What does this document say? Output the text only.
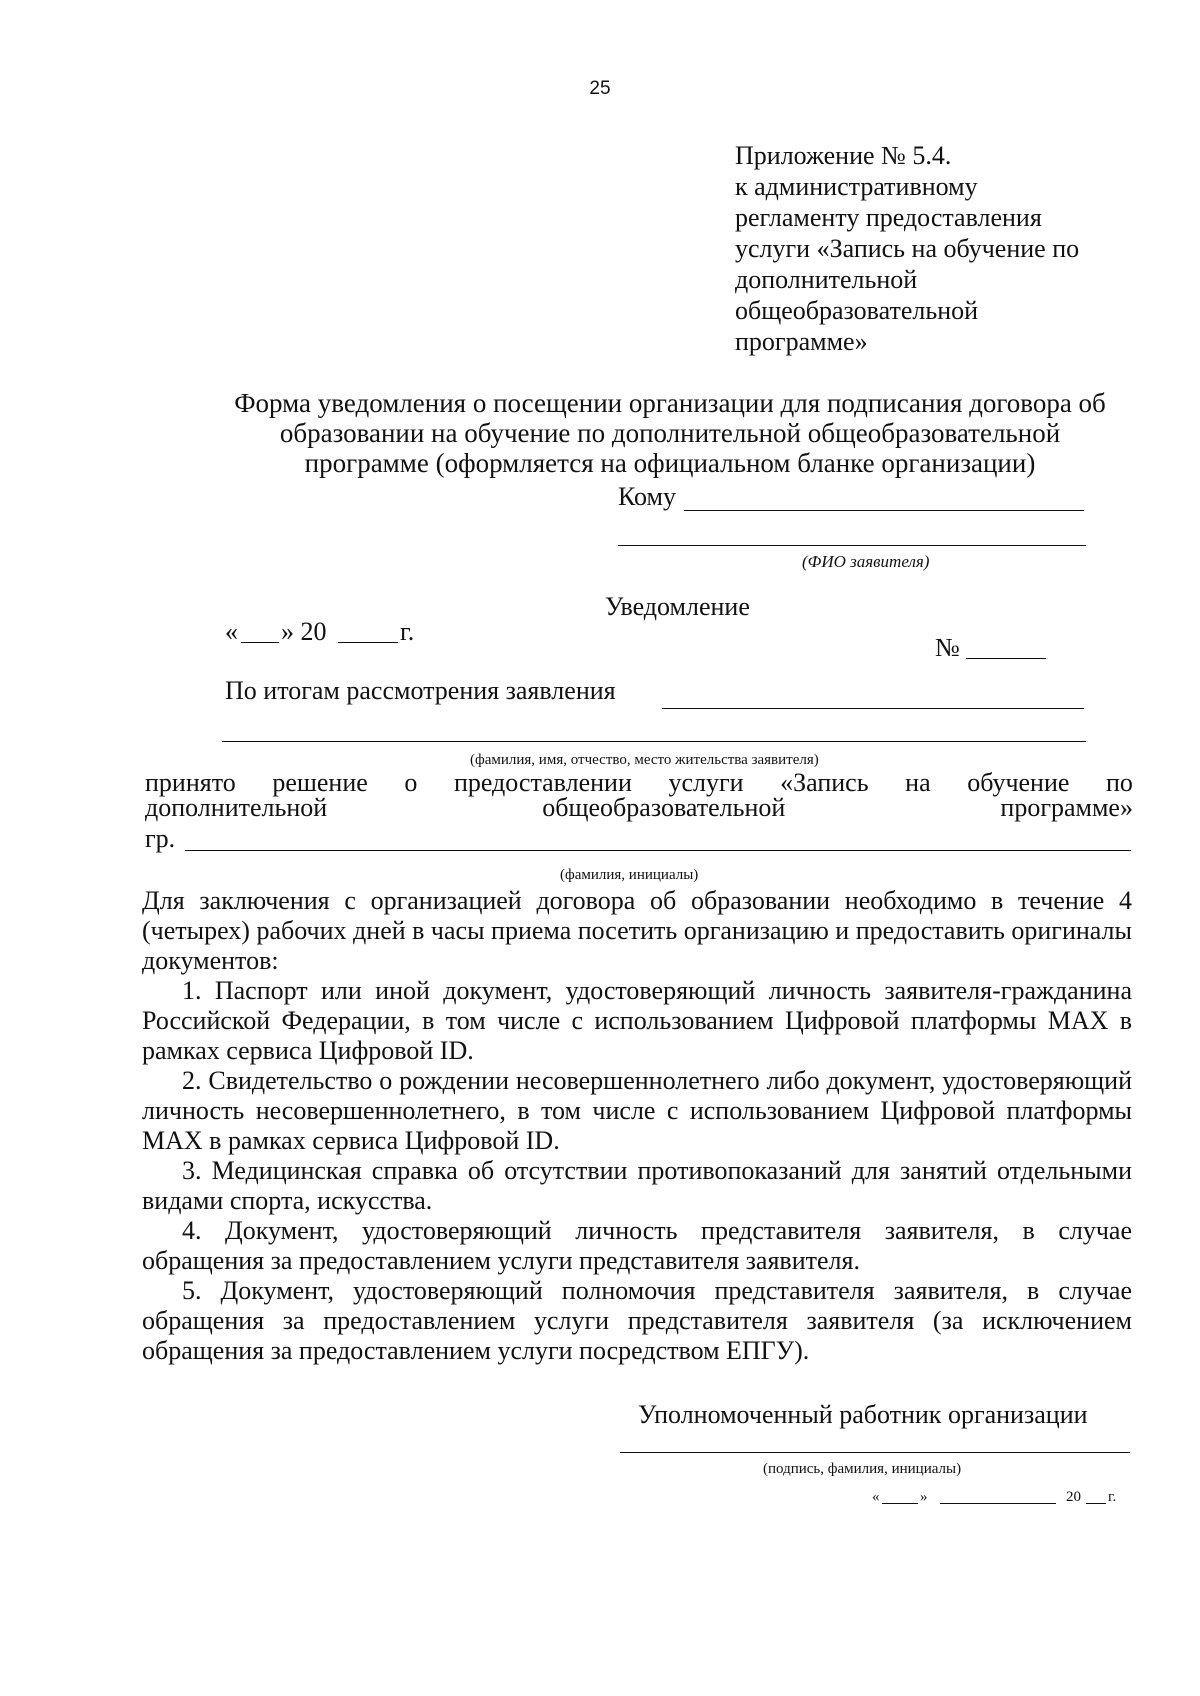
25

Приложение № 5.4.

к административному

регламенту предоставления

услуги «Запись на обучение по

дополнительной

общеобразовательной

программе»

Форма уведомления о посещении организации для подписания договора об

образовании на обучение по дополнительной общеобразовательной

программе (оформляется на официальном бланке организации)

Кому
(ФИО заявителя)
Уведомление
« » 20	г.
№
По итогам рассмотрения заявления
(фамилия, имя, отчество, место жительства заявителя)
принято решение о предоставлении услуги «Запись на обучение по
дополнительной	общеобразовательной	программе»
гр.
(фамилия, инициалы)

Для заключения с организацией договора об образовании необходимо в течение 4 (четырех) рабочих дней в часы приема посетить организацию и предоставить оригиналы документов:

1. Паспорт или иной документ, удостоверяющий личность заявителя-гражданина Российской Федерации, в том числе с использованием Цифровой платформы MAX в рамках сервиса Цифровой ID.

2. Свидетельство о рождении несовершеннолетнего либо документ, удостоверяющий личность несовершеннолетнего, в том числе с использованием Цифровой платформы MAX в рамках сервиса Цифровой ID.

3. Медицинская справка об отсутствии противопоказаний для занятий отдельными видами спорта, искусства.

4. Документ, удостоверяющий личность представителя заявителя, в случае обращения за предоставлением услуги представителя заявителя.

5. Документ, удостоверяющий полномочия представителя заявителя, в случае обращения за предоставлением услуги представителя заявителя (за исключением обращения за предоставлением услуги посредством ЕПГУ).

Уполномоченный работник организации
(подпись, фамилия, инициалы)
«	»	20 г.
